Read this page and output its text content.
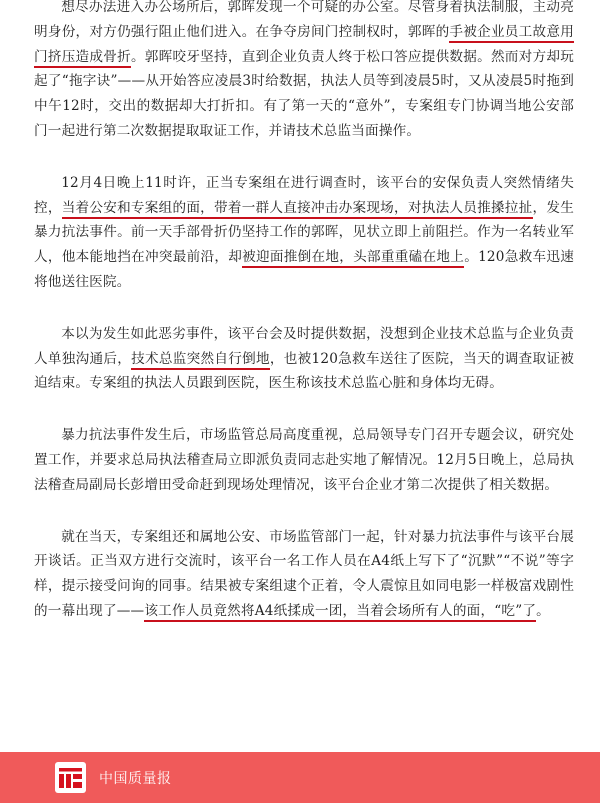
想尽办法进入办公场所后，郭晖发现一个可疑的办公室。尽管身着执法制服，主动亮明身份，对方仍强行阻止他们进入。在争夺房间门控制权时，郭晖的手被企业员工故意用门挤压造成骨折。郭晖咬牙坚持，直到企业负责人终于松口答应提供数据。然而对方却玩起了“拖字诀”——从开始答应凌晨3时给数据，执法人员等到凌晨5时，又从凌晨5时拖到中午12时，交出的数据却大打折扣。有了第一天的“意外”，专案组专门协调当地公安部门一起进行第二次数据提取取证工作，并请技术总监当面操作。

12月4日晚上11时许，正当专案组在进行调查时，该平台的安保负责人突然情绪失控，当着公安和专案组的面，带着一群人直接冲击办案现场，对执法人员推搡拉扯，发生暴力抗法事件。前一天手部骨折仍坚持工作的郭晖，见状立即上前阻拦。作为一名转业军人，他本能地挡在冲突最前沿，却被迎面推倒在地，头部重重磕在地上。120急救车迅速将他送往医院。

本以为发生如此恶劣事件，该平台会及时提供数据，没想到企业技术总监与企业负责人单独沟通后，技术总监突然自行倒地，也被120急救车送往了医院，当天的调查取证被迫结束。专案组的执法人员跟到医院，医生称该技术总监心脏和身体均无碍。

暴力抗法事件发生后，市场监管总局高度重视，总局领导专门召开专题会议，研究处置工作，并要求总局执法稽查局立即派负责同志赴实地了解情况。12月5日晚上，总局执法稽查局副局长彭增田受命赶到现场处理情况，该平台企业才第二次提供了相关数据。

就在当天，专案组还和属地公安、市场监管部门一起，针对暴力抗法事件与该平台展开谈话。正当双方进行交流时，该平台一名工作人员在A4纸上写下了“沉默”“不说”等字样，提示接受问询的同事。结果被专案组逮个正着，令人震惊且如同电影一样极富戏剧性的一幕出现了——该工作人员竟然将A4纸揉成一团，当着会场所有人的面，“吃”了。

中国质量报
